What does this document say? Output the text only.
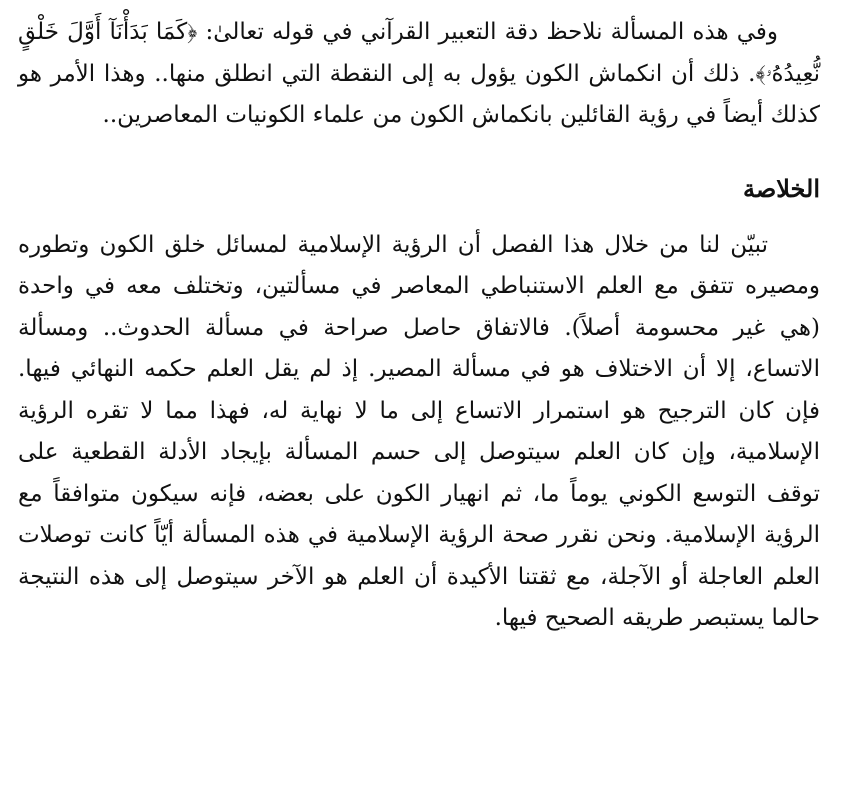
وفي هذه المسألة نلاحظ دقة التعبير القرآني في قوله تعالىٰ: ﴿كَمَا بَدَأْنَآ أَوَّلَ خَلْقٍ نُّعِيدُهُۥ﴾. ذلك أن انكماش الكون يؤول به إلى النقطة التي انطلق منها.. وهذا الأمر هو كذلك أيضاً في رؤية القائلين بانكماش الكون من علماء الكونيات المعاصرين..

الخلاصة

تبيّن لنا من خلال هذا الفصل أن الرؤية الإسلامية لمسائل خلق الكون وتطوره ومصيره تتفق مع العلم الاستنباطي المعاصر في مسألتين، وتختلف معه في واحدة (هي غير محسومة أصلاً). فالاتفاق حاصل صراحة في مسألة الحدوث.. ومسألة الاتساع، إلا أن الاختلاف هو في مسألة المصير. إذ لم يقل العلم حكمه النهائي فيها. فإن كان الترجيح هو استمرار الاتساع إلى ما لا نهاية له، فهذا مما لا تقره الرؤية الإسلامية، وإن كان العلم سيتوصل إلى حسم المسألة بإيجاد الأدلة القطعية على توقف التوسع الكوني يوماً ما، ثم انهيار الكون على بعضه، فإنه سيكون متوافقاً مع الرؤية الإسلامية. ونحن نقرر صحة الرؤية الإسلامية في هذه المسألة أيّاً كانت توصلات العلم العاجلة أو الآجلة، مع ثقتنا الأكيدة أن العلم هو الآخر سيتوصل إلى هذه النتيجة حالما يستبصر طريقه الصحيح فيها.
